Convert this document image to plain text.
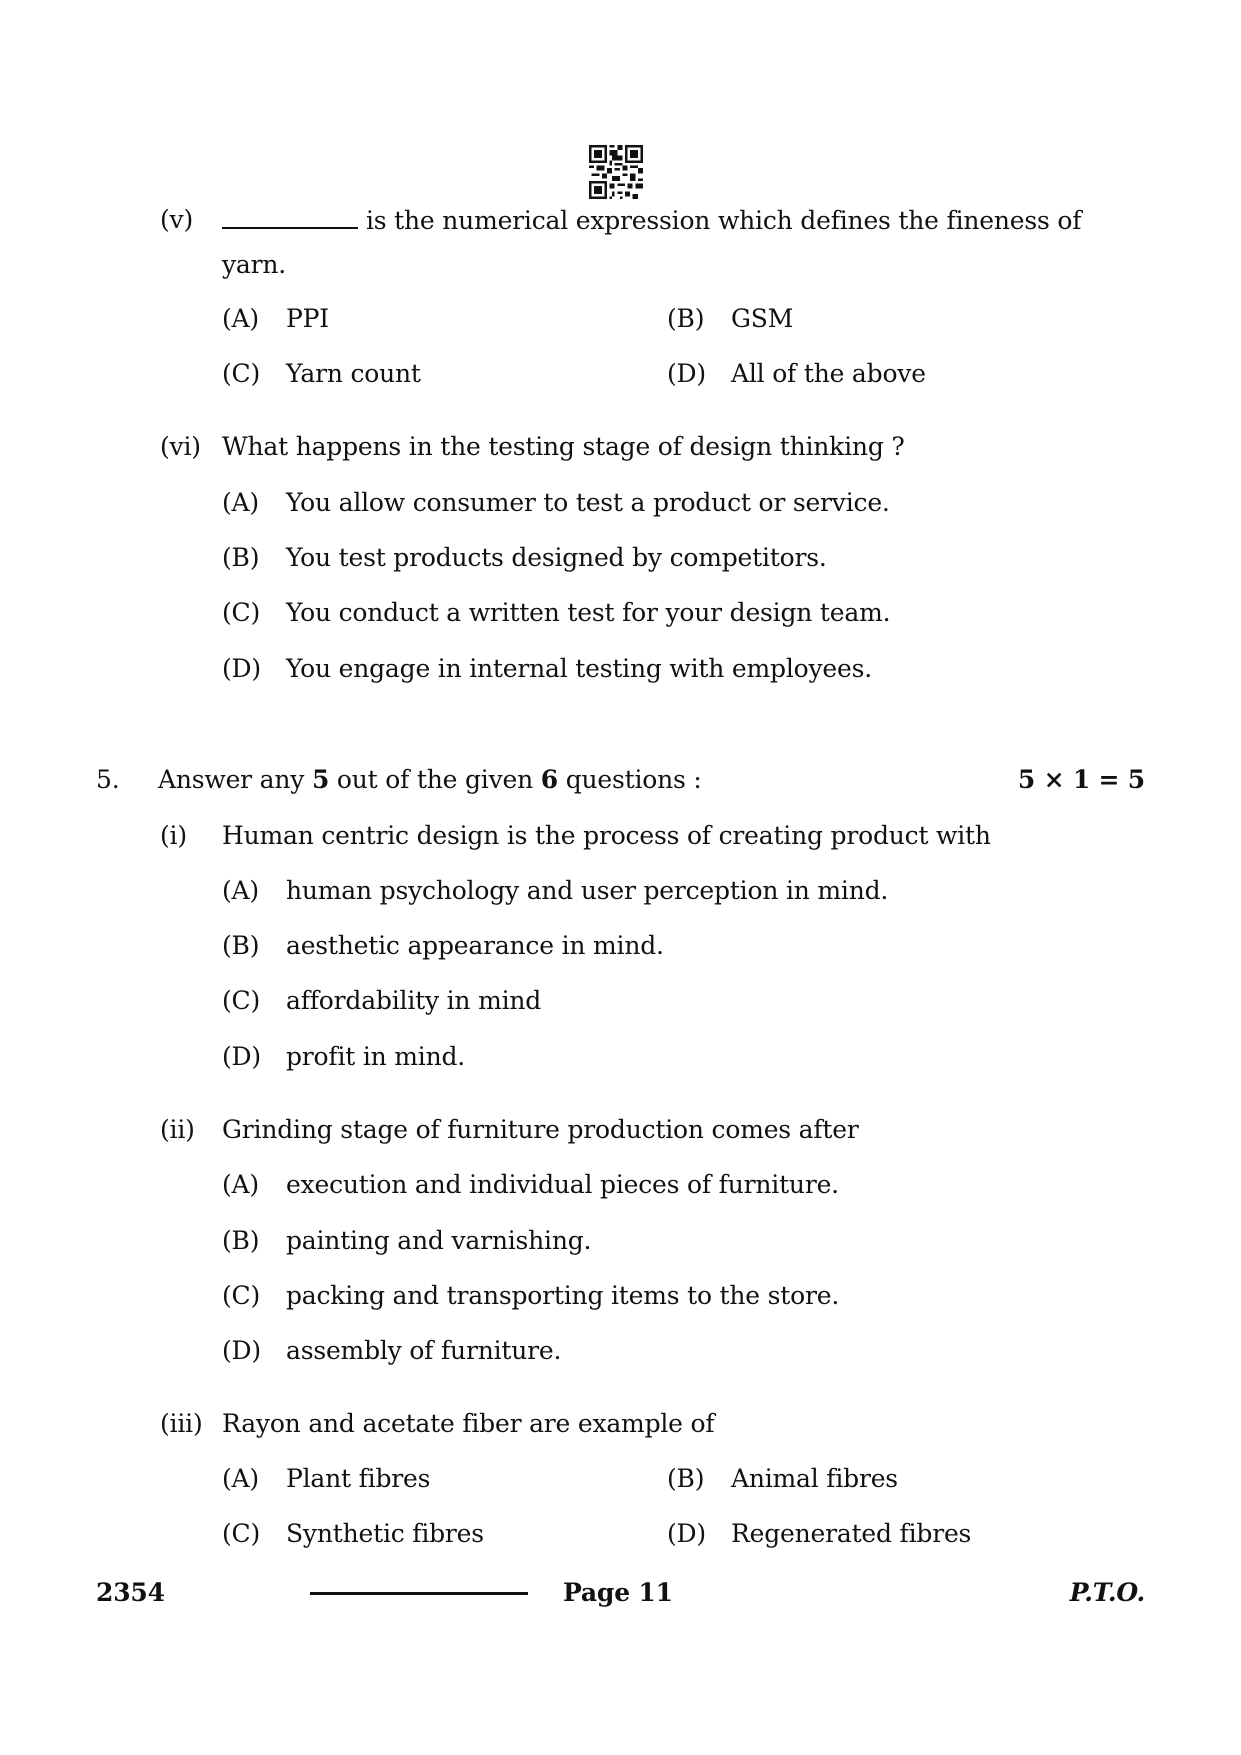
(v)	is the numerical expression which defines the fineness of
yarn.
(A) PPI	(B) GSM
(C) Yarn count	(D) All of the above
(vi) What happens in the testing stage of design thinking ?
(A) You allow consumer to test a product or service.
(B) You test products designed by competitors.
(C) You conduct a written test for your design team.
(D) You engage in internal testing with employees.
5. Answer any 5 out of the given 6 questions :	5 × 1 = 5
(i) Human centric design is the process of creating product with
(A) human psychology and user perception in mind.
(B) aesthetic appearance in mind.
(C) affordability in mind
(D) profit in mind.
(ii) Grinding stage of furniture production comes after
(A) execution and individual pieces of furniture.
(B) painting and varnishing.
(C) packing and transporting items to the store.
(D) assembly of furniture.
(iii) Rayon and acetate fiber are example of
(A) Plant fibres	(B) Animal fibres
(C) Synthetic fibres	(D) Regenerated fibres
2354	Page 11	P.T.O.
